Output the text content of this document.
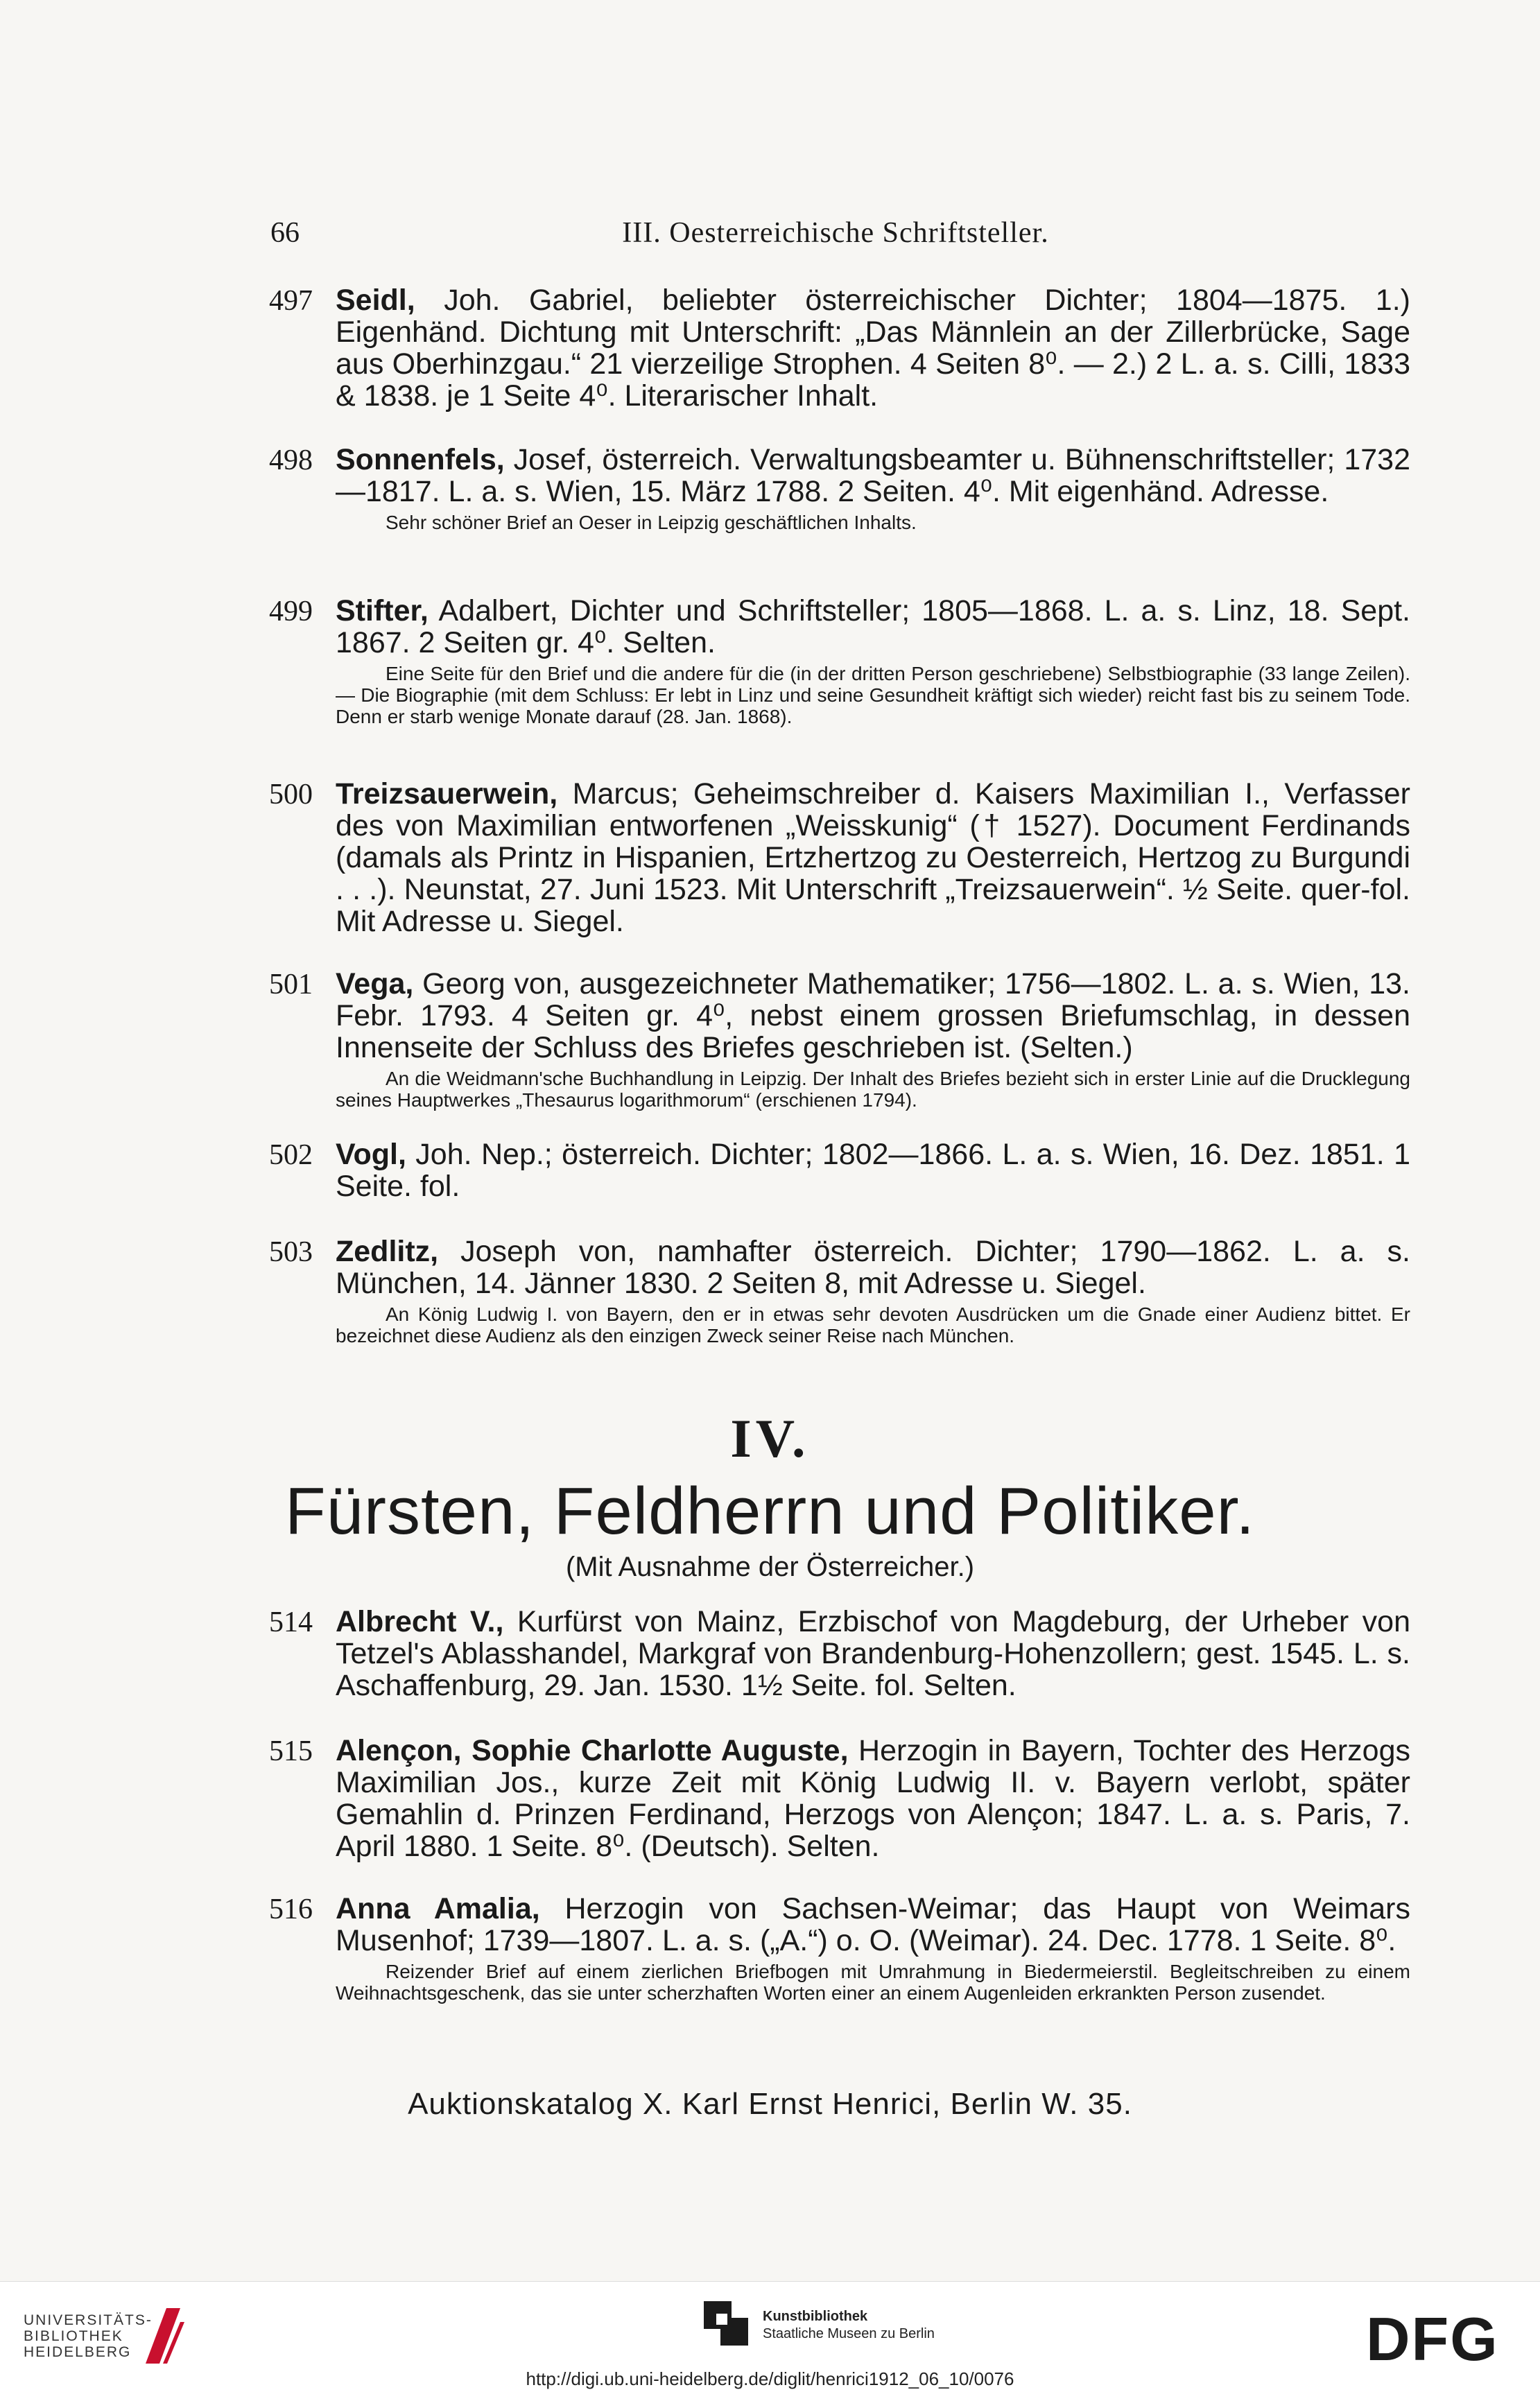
66	III. Oesterreichische Schriftsteller.
497 Seidl, Joh. Gabriel, beliebter österreichischer Dichter; 1804—1875. 1.) Eigenhänd. Dichtung mit Unterschrift: „Das Männlein an der Zillerbrücke, Sage aus Oberhinzgau.“ 21 vierzeilige Strophen. 4 Seiten 8⁰. — 2.) 2 L. a. s. Cilli, 1833 & 1838. je 1 Seite 4⁰. Literarischer Inhalt.
498 Sonnenfels, Josef, österreich. Verwaltungsbeamter u. Bühnenschriftsteller; 1732—1817. L. a. s. Wien, 15. März 1788. 2 Seiten. 4⁰. Mit eigenhänd. Adresse.
Sehr schöner Brief an Oeser in Leipzig geschäftlichen Inhalts.
499 Stifter, Adalbert, Dichter und Schriftsteller; 1805—1868. L. a. s. Linz, 18. Sept. 1867. 2 Seiten gr. 4⁰. Selten.
Eine Seite für den Brief und die andere für die (in der dritten Person geschriebene) Selbstbiographie (33 lange Zeilen). — Die Biographie (mit dem Schluss: Er lebt in Linz und seine Gesundheit kräftigt sich wieder) reicht fast bis zu seinem Tode. Denn er starb wenige Monate darauf (28. Jan. 1868).
500 Treizsauerwein, Marcus; Geheimschreiber d. Kaisers Maximilian I., Verfasser des von Maximilian entworfenen „Weisskunig“ († 1527). Document Ferdinands (damals als Printz in Hispanien, Ertzhertzog zu Oesterreich, Hertzog zu Burgundi . . .). Neunstat, 27. Juni 1523. Mit Unterschrift „Treizsauerwein“. ½ Seite. quer-fol. Mit Adresse u. Siegel.
501 Vega, Georg von, ausgezeichneter Mathematiker; 1756—1802. L. a. s. Wien, 13. Febr. 1793. 4 Seiten gr. 4⁰, nebst einem grossen Briefumschlag, in dessen Innenseite der Schluss des Briefes geschrieben ist. (Selten.)
An die Weidmann'sche Buchhandlung in Leipzig. Der Inhalt des Briefes bezieht sich in erster Linie auf die Drucklegung seines Hauptwerkes „Thesaurus logarithmorum“ (erschienen 1794).
502 Vogl, Joh. Nep.; österreich. Dichter; 1802—1866. L. a. s. Wien, 16. Dez. 1851. 1 Seite. fol.
503 Zedlitz, Joseph von, namhafter österreich. Dichter; 1790—1862. L. a. s. München, 14. Jänner 1830. 2 Seiten 8, mit Adresse u. Siegel.
An König Ludwig I. von Bayern, den er in etwas sehr devoten Ausdrücken um die Gnade einer Audienz bittet. Er bezeichnet diese Audienz als den einzigen Zweck seiner Reise nach München.
IV.
Fürsten, Feldherrn und Politiker.
(Mit Ausnahme der Österreicher.)
514 Albrecht V., Kurfürst von Mainz, Erzbischof von Magdeburg, der Urheber von Tetzel's Ablasshandel, Markgraf von Brandenburg-Hohenzollern; gest. 1545. L. s. Aschaffenburg, 29. Jan. 1530. 1½ Seite. fol. Selten.
515 Alençon, Sophie Charlotte Auguste, Herzogin in Bayern, Tochter des Herzogs Maximilian Jos., kurze Zeit mit König Ludwig II. v. Bayern verlobt, später Gemahlin d. Prinzen Ferdinand, Herzogs von Alençon; 1847. L. a. s. Paris, 7. April 1880. 1 Seite. 8⁰. (Deutsch). Selten.
516 Anna Amalia, Herzogin von Sachsen-Weimar; das Haupt von Weimars Musenhof; 1739—1807. L. a. s. („A.“) o. O. (Weimar). 24. Dec. 1778. 1 Seite. 8⁰.
Reizender Brief auf einem zierlichen Briefbogen mit Umrahmung in Biedermeierstil. Begleitschreiben zu einem Weihnachtsgeschenk, das sie unter scherzhaften Worten einer an einem Augenleiden erkrankten Person zusendet.
Auktionskatalog X. Karl Ernst Henrici, Berlin W. 35.
UNIVERSITÄTS-
BIBLIOTHEK
HEIDELBERG
Kunstbibliothek
Staatliche Museen zu Berlin	DFG
http://digi.ub.uni-heidelberg.de/diglit/henrici1912_06_10/0076
